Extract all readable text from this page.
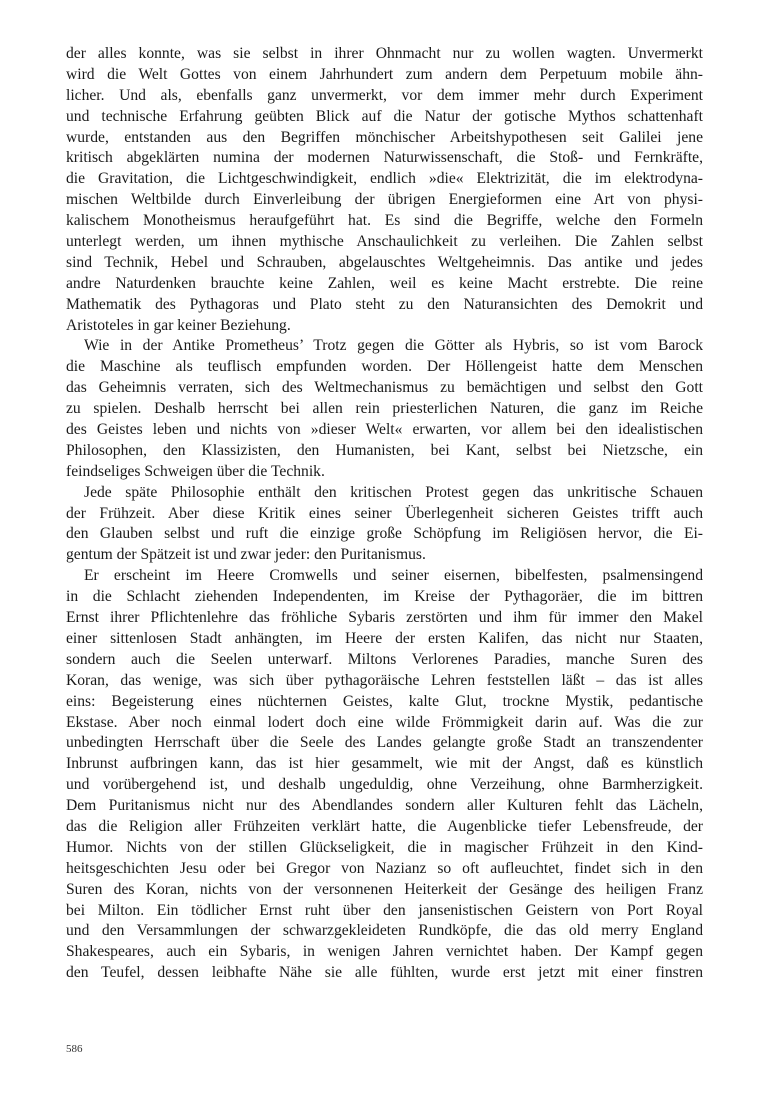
der alles konnte, was sie selbst in ihrer Ohnmacht nur zu wollen wagten. Unvermerkt
wird die Welt Gottes von einem Jahrhundert zum andern dem Perpetuum mobile ähn-
licher. Und als, ebenfalls ganz unvermerkt, vor dem immer mehr durch Experiment
und technische Erfahrung geübten Blick auf die Natur der gotische Mythos schattenhaft
wurde, entstanden aus den Begriffen mönchischer Arbeitshypothesen seit Galilei jene
kritisch abgeklärten numina der modernen Naturwissenschaft, die Stoß- und Fernkräfte,
die Gravitation, die Lichtgeschwindigkeit, endlich »die« Elektrizität, die im elektrodyna-
mischen Weltbilde durch Einverleibung der übrigen Energieformen eine Art von physi-
kalischem Monotheismus heraufgeführt hat. Es sind die Begriffe, welche den Formeln
unterlegt werden, um ihnen mythische Anschaulichkeit zu verleihen. Die Zahlen selbst
sind Technik, Hebel und Schrauben, abgelauschtes Weltgeheimnis. Das antike und jedes
andre Naturdenken brauchte keine Zahlen, weil es keine Macht erstrebte. Die reine
Mathematik des Pythagoras und Plato steht zu den Naturansichten des Demokrit und
Aristoteles in gar keiner Beziehung.
Wie in der Antike Prometheus’ Trotz gegen die Götter als Hybris, so ist vom Barock
die Maschine als teuflisch empfunden worden. Der Höllengeist hatte dem Menschen
das Geheimnis verraten, sich des Weltmechanismus zu bemächtigen und selbst den Gott
zu spielen. Deshalb herrscht bei allen rein priesterlichen Naturen, die ganz im Reiche
des Geistes leben und nichts von »dieser Welt« erwarten, vor allem bei den idealistischen
Philosophen, den Klassizisten, den Humanisten, bei Kant, selbst bei Nietzsche, ein
feindseliges Schweigen über die Technik.
Jede späte Philosophie enthält den kritischen Protest gegen das unkritische Schauen
der Frühzeit. Aber diese Kritik eines seiner Überlegenheit sicheren Geistes trifft auch
den Glauben selbst und ruft die einzige große Schöpfung im Religiösen hervor, die Ei-
gentum der Spätzeit ist und zwar jeder: den Puritanismus.
Er erscheint im Heere Cromwells und seiner eisernen, bibelfesten, psalmensingend
in die Schlacht ziehenden Independenten, im Kreise der Pythagoräer, die im bittren
Ernst ihrer Pflichtenlehre das fröhliche Sybaris zerstörten und ihm für immer den Makel
einer sittenlosen Stadt anhängten, im Heere der ersten Kalifen, das nicht nur Staaten,
sondern auch die Seelen unterwarf. Miltons Verlorenes Paradies, manche Suren des
Koran, das wenige, was sich über pythagoräische Lehren feststellen läßt – das ist alles
eins: Begeisterung eines nüchternen Geistes, kalte Glut, trockne Mystik, pedantische
Ekstase. Aber noch einmal lodert doch eine wilde Frömmigkeit darin auf. Was die zur
unbedingten Herrschaft über die Seele des Landes gelangte große Stadt an transzendenter
Inbrunst aufbringen kann, das ist hier gesammelt, wie mit der Angst, daß es künstlich
und vorübergehend ist, und deshalb ungeduldig, ohne Verzeihung, ohne Barmherzigkeit.
Dem Puritanismus nicht nur des Abendlandes sondern aller Kulturen fehlt das Lächeln,
das die Religion aller Frühzeiten verklärt hatte, die Augenblicke tiefer Lebensfreude, der
Humor. Nichts von der stillen Glückseligkeit, die in magischer Frühzeit in den Kind-
heitsgeschichten Jesu oder bei Gregor von Nazianz so oft aufleuchtet, findet sich in den
Suren des Koran, nichts von der versonnenen Heiterkeit der Gesänge des heiligen Franz
bei Milton. Ein tödlicher Ernst ruht über den jansenistischen Geistern von Port Royal
und den Versammlungen der schwarzgekleideten Rundköpfe, die das old merry England
Shakespeares, auch ein Sybaris, in wenigen Jahren vernichtet haben. Der Kampf gegen
den Teufel, dessen leibhafte Nähe sie alle fühlten, wurde erst jetzt mit einer finstren
586
